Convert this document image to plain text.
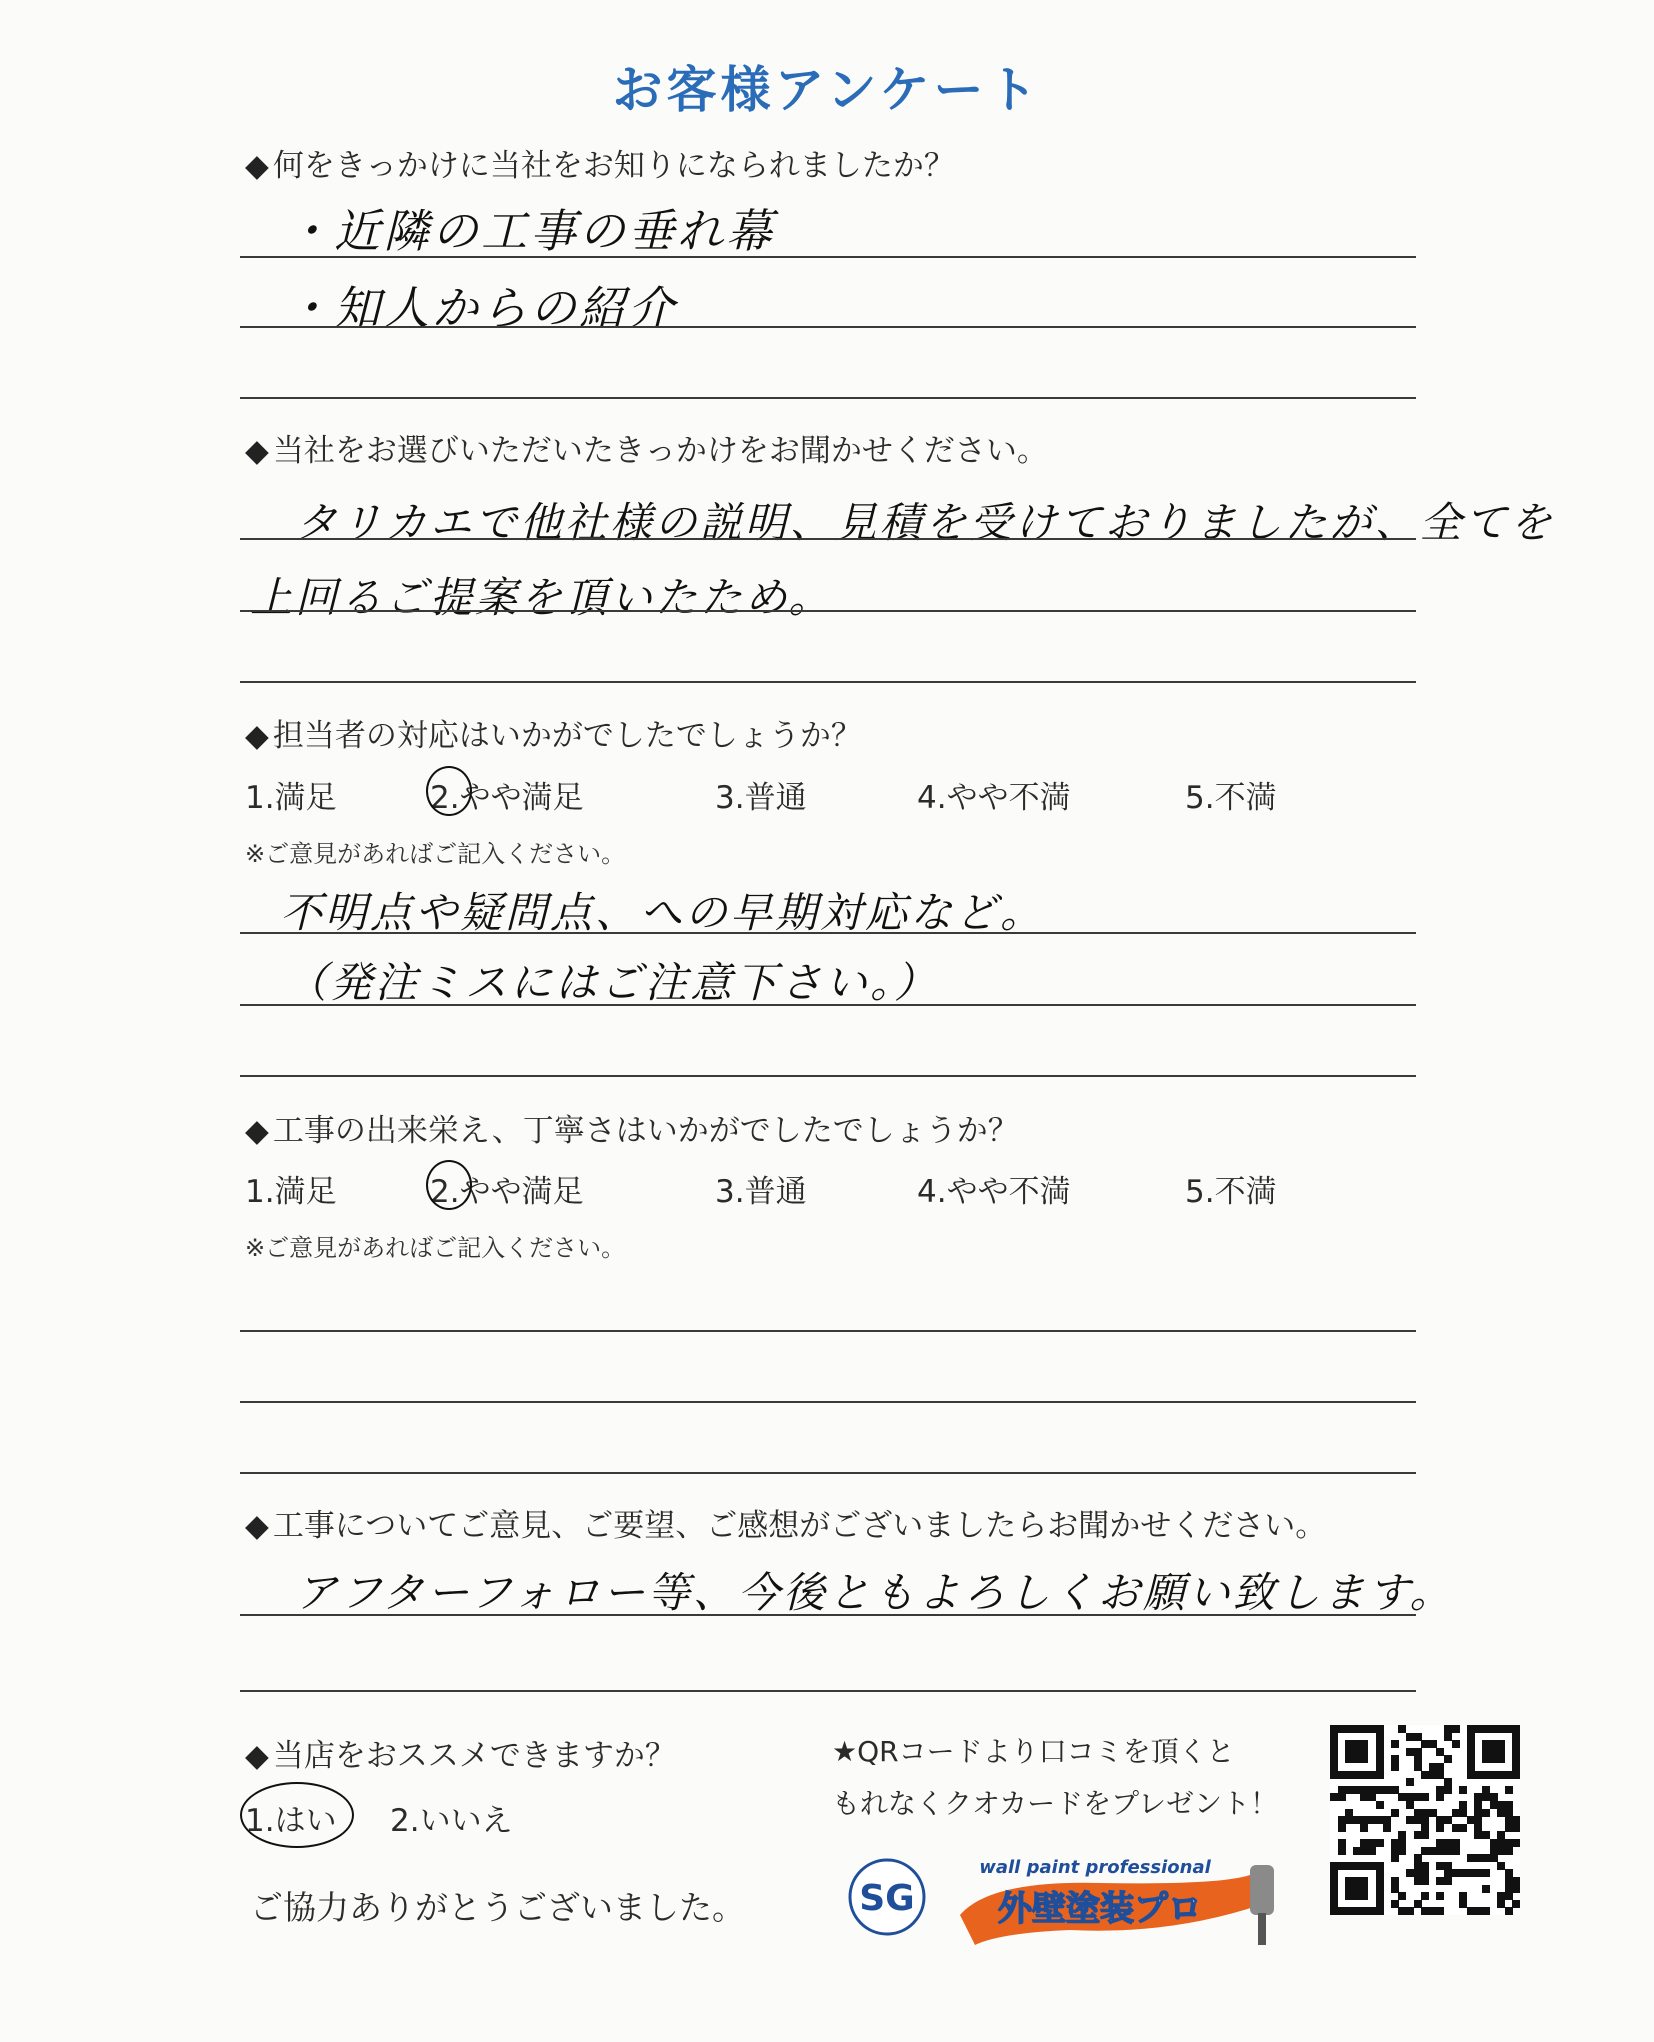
お客様アンケート
◆ 何をきっかけに当社をお知りになられましたか？
・近隣の工事の垂れ幕
・知人からの紹介
◆ 当社をお選びいただいたきっかけをお聞かせください。
タリカエで他社様の説明、見積を受けておりましたが、全てを
上回るご提案を頂いたため。
◆ 担当者の対応はいかがでしたでしょうか？
1.満足	2.やや満足	3.普通	4.やや不満	5.不満
※ご意見があればご記入ください。
不明点や疑問点、への早期対応など。
（発注ミスにはご注意下さい。）
◆ 工事の出来栄え、丁寧さはいかがでしたでしょうか？
1.満足	2.やや満足	3.普通	4.やや不満	5.不満
※ご意見があればご記入ください。
◆ 工事についてご意見、ご要望、ご感想がございましたらお聞かせください。
アフターフォロー等、今後ともよろしくお願い致します。
◆ 当店をおススメできますか？
1.はい 2.いいえ
ご協力ありがとうございました。
★QRコードより口コミを頂くと
もれなくクオカードをプレゼント！
SG
wall paint professional
外壁塗装プロ
